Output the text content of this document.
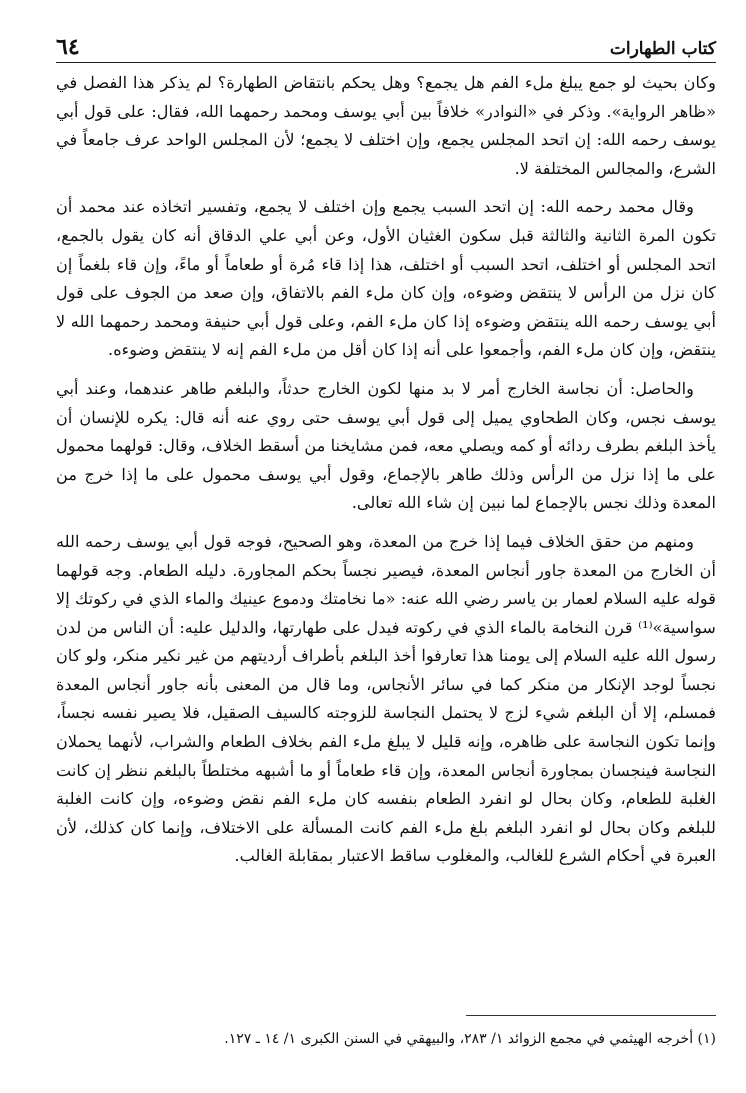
كتاب الطهارات
٦٤

وكان بحيث لو جمع يبلغ ملء الفم هل يجمع؟ وهل يحكم بانتقاض الطهارة؟ لم يذكر هذا الفصل في «ظاهر الرواية». وذكر في «النوادر» خلافاً بين أبي يوسف ومحمد رحمهما الله، فقال: على قول أبي يوسف رحمه الله: إن اتحد المجلس يجمع، وإن اختلف لا يجمع؛ لأن المجلس الواحد عرف جامعاً في الشرع، والمجالس المختلفة لا.

وقال محمد رحمه الله: إن اتحد السبب يجمع وإن اختلف لا يجمع، وتفسير اتخاذه عند محمد أن تكون المرة الثانية والثالثة قبل سكون الغثيان الأول، وعن أبي علي الدقاق أنه كان يقول بالجمع، اتحد المجلس أو اختلف، اتحد السبب أو اختلف، هذا إذا قاء مُرة أو طعاماً أو ماءً، وإن قاء بلغماً إن كان نزل من الرأس لا ينتقض وضوءه، وإن كان ملء الفم بالاتفاق، وإن صعد من الجوف على قول أبي يوسف رحمه الله ينتقض وضوءه إذا كان ملء الفم، وعلى قول أبي حنيفة ومحمد رحمهما الله لا ينتقض، وإن كان ملء الفم، وأجمعوا على أنه إذا كان أقل من ملء الفم إنه لا ينتقض وضوءه.

والحاصل: أن نجاسة الخارج أمر لا بد منها لكون الخارج حدثاً، والبلغم طاهر عندهما، وعند أبي يوسف نجس، وكان الطحاوي يميل إلى قول أبي يوسف حتى روي عنه أنه قال: يكره للإنسان أن يأخذ البلغم بطرف ردائه أو كمه ويصلي معه، فمن مشايخنا من أسقط الخلاف، وقال: قولهما محمول على ما إذا نزل من الرأس وذلك طاهر بالإجماع، وقول أبي يوسف محمول على ما إذا خرج من المعدة وذلك نجس بالإجماع لما نبين إن شاء الله تعالى.

ومنهم من حقق الخلاف فيما إذا خرج من المعدة، وهو الصحيح، فوجه قول أبي يوسف رحمه الله أن الخارج من المعدة جاور أنجاس المعدة، فيصير نجساً بحكم المجاورة. دليله الطعام. وجه قولهما قوله عليه السلام لعمار بن ياسر رضي الله عنه: «ما نخامتك ودموع عينيك والماء الذي في ركوتك إلا سواسية»⁽¹⁾ قرن النخامة بالماء الذي في ركوته فيدل على طهارتها، والدليل عليه: أن الناس من لدن رسول الله عليه السلام إلى يومنا هذا تعارفوا أخذ البلغم بأطراف أرديتهم من غير نكير منكر، ولو كان نجساً لوجد الإنكار من منكر كما في سائر الأنجاس، وما قال من المعنى بأنه جاور أنجاس المعدة فمسلم، إلا أن البلغم شيء لزج لا يحتمل النجاسة للزوجته كالسيف الصقيل، فلا يصير نفسه نجساً، وإنما تكون النجاسة على ظاهره، وإنه قليل لا يبلغ ملء الفم بخلاف الطعام والشراب، لأنهما يحملان النجاسة فينجسان بمجاورة أنجاس المعدة، وإن قاء طعاماً أو ما أشبهه مختلطاً بالبلغم ننظر إن كانت الغلبة للطعام، وكان بحال لو انفرد الطعام بنفسه كان ملء الفم نقض وضوءه، وإن كانت الغلبة للبلغم وكان بحال لو انفرد البلغم بلغ ملء الفم كانت المسألة على الاختلاف، وإنما كان كذلك، لأن العبرة في أحكام الشرع للغالب، والمغلوب ساقط الاعتبار بمقابلة الغالب.

(١) أخرجه الهيثمي في مجمع الزوائد ١/ ٢٨٣، والبيهقي في السنن الكبرى ١/ ١٤ ـ ١٢٧.
